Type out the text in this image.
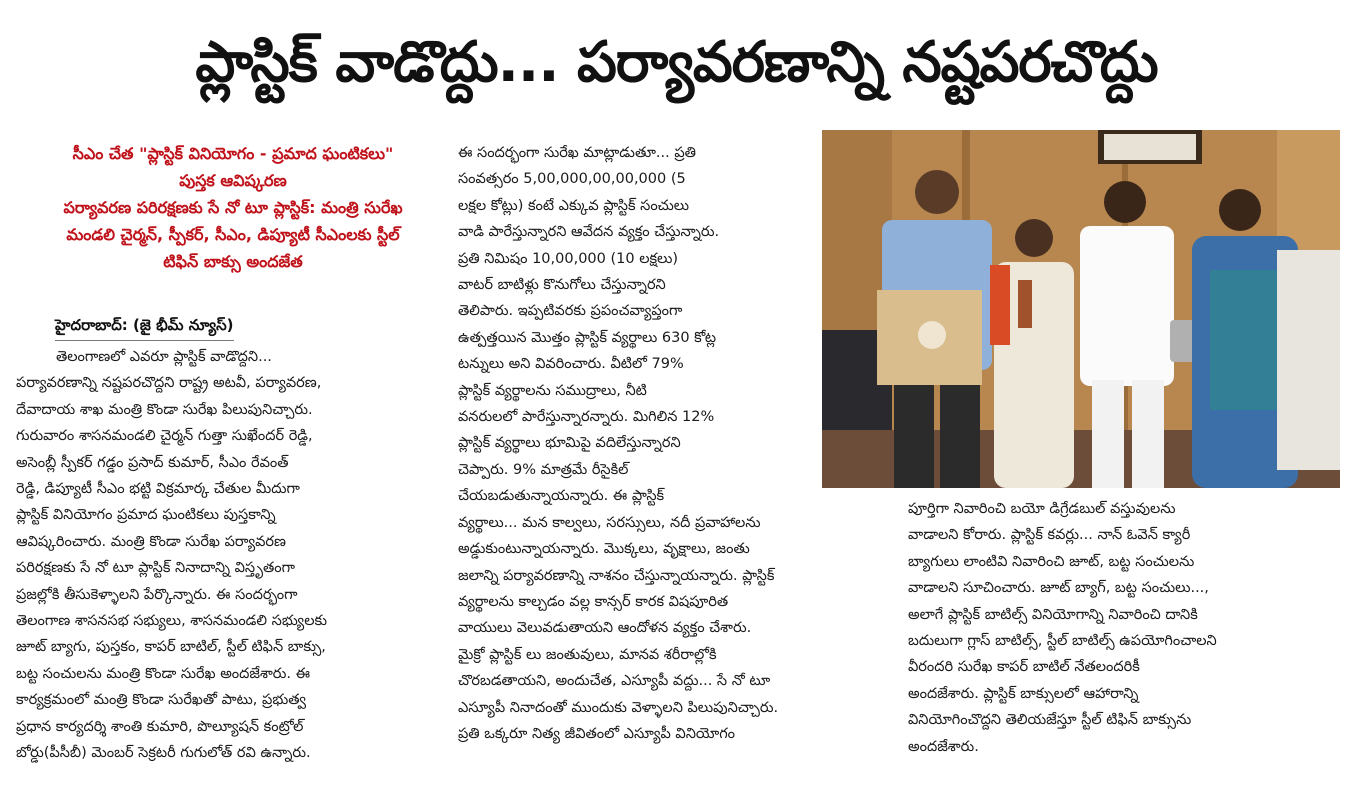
ప్లాస్టిక్ వాడొద్దు... పర్యావరణాన్ని నష్టపరచొద్దు
సీఎం చేత "ప్లాస్టిక్ వినియోగం - ప్రమాద ఘంటికలు"
పుస్తక ఆవిష్కరణ
పర్యావరణ పరిరక్షణకు సే నో టూ ప్లాస్టిక్: మంత్రి సురేఖ
మండలి చైర్మన్, స్పీకర్, సీఎం, డిప్యూటీ సీఎంలకు స్టీల్
టిఫిన్ బాక్సు అందజేత
హైదరాబాద్: (జై భీమ్ న్యూస్)
తెలంగాణలో ఎవరూ ప్లాస్టిక్ వాడొద్దని...
పర్యావరణాన్ని నష్టపరచొద్దని రాష్ట్ర అటవీ, పర్యావరణ,
దేవాదాయ శాఖ మంత్రి కొండా సురేఖ పిలుపునిచ్చారు.
గురువారం శాసనమండలి చైర్మన్ గుత్తా సుఖేందర్ రెడ్డి,
అసెంబ్లీ స్పీకర్ గడ్డం ప్రసాద్ కుమార్, సీఎం రేవంత్
రెడ్డి, డిప్యూటీ సీఎం భట్టి విక్రమార్క చేతుల మీదుగా
ప్లాస్టిక్ వినియోగం ప్రమాద ఘంటికలు పుస్తకాన్ని
ఆవిష్కరించారు. మంత్రి కొండా సురేఖ పర్యావరణ
పరిరక్షణకు సే నో టూ ప్లాస్టిక్ నినాదాన్ని విస్తృతంగా
ప్రజల్లోకి తీసుకెళ్ళాలని పేర్కొన్నారు. ఈ సందర్భంగా
తెలంగాణ శాసనసభ సభ్యులు, శాసనమండలి సభ్యులకు
జూట్ బ్యాగు, పుస్తకం, కాపర్ బాటిల్, స్టీల్ టిఫిన్ బాక్సు,
బట్ట సంచులను మంత్రి కొండా సురేఖ అందజేశారు. ఈ
కార్యక్రమంలో మంత్రి కొండా సురేఖతో పాటు, ప్రభుత్వ
ప్రధాన కార్యదర్శి శాంతి కుమారి, పొల్యూషన్ కంట్రోల్
బోర్డు(పీసీబీ) మెంబర్ సెక్రటరీ గుగులోత్ రవి ఉన్నారు.
ఈ సందర్భంగా సురేఖ మాట్లాడుతూ... ప్రతి
సంవత్సరం 5,00,000,00,00,000 (5
లక్షల కోట్లు) కంటే ఎక్కువ ప్లాస్టిక్ సంచులు
వాడి పారేస్తున్నారని ఆవేదన వ్యక్తం చేస్తున్నారు.
ప్రతి నిమిషం 10,00,000 (10 లక్షలు)
వాటర్ బాటిళ్లు కొనుగోలు చేస్తున్నారని
తెలిపారు. ఇప్పటివరకు ప్రపంచవ్యాప్తంగా
ఉత్పత్తయిన మొత్తం ప్లాస్టిక్ వ్యర్థాలు 630 కోట్ల
టన్నులు అని వివరించారు. వీటిలో 79%
ప్లాస్టిక్ వ్యర్థాలను సముద్రాలు, నీటి
వనరులలో పారేస్తున్నారన్నారు. మిగిలిన 12%
ప్లాస్టిక్ వ్యర్థాలు భూమిపై వదిలేస్తున్నారని
చెప్పారు. 9% మాత్రమే రీసైకిల్
చేయబడుతున్నాయన్నారు. ఈ ప్లాస్టిక్
వ్యర్థాలు... మన కాల్వలు, సరస్సులు, నదీ ప్రవాహాలను
అడ్డుకుంటున్నాయన్నారు. మొక్కలు, వృక్షాలు, జంతు
జలాన్ని పర్యావరణాన్ని నాశనం చేస్తున్నాయన్నారు. ప్లాస్టిక్
వ్యర్థాలను కాల్చడం వల్ల కాన్సర్ కారక విషపూరిత
వాయులు వెలువడుతాయని ఆందోళన వ్యక్తం చేశారు.
మైక్రో ప్లాస్టిక్ లు జంతువులు, మానవ శరీరాల్లోకి
చొరబడతాయని, అందుచేత, ఎస్యూపీ వద్దు... సే నో టూ
ఎస్యూపీ నినాదంతో ముందుకు వెళ్ళాలని పిలుపునిచ్చారు.
ప్రతి ఒక్కరూ నిత్య జీవితంలో ఎస్యూపీ వినియోగం
పూర్తిగా నివారించి బయో డిగ్రేడబుల్ వస్తువులను
వాడాలని కోరారు. ప్లాస్టిక్ కవర్లు... నాన్ ఓవెన్ క్యారీ
బ్యాగులు లాంటివి నివారించి జూట్, బట్ట సంచులను
వాడాలని సూచించారు. జూట్ బ్యాగ్, బట్ట సంచులు...,
అలాగే ప్లాస్టిక్ బాటిల్స్ వినియోగాన్ని నివారించి దానికి
బదులుగా గ్లాస్ బాటిల్స్, స్టీల్ బాటిల్స్ ఉపయోగించాలని
వీరందరి సురేఖ కాపర్ బాటిల్ నేతలందరికీ
అందజేశారు. ప్లాస్టిక్ బాక్సులలో ఆహారాన్ని
వినియోగించొద్దని తెలియజేస్తూ స్టీల్ టిఫిన్ బాక్సును
అందజేశారు.
